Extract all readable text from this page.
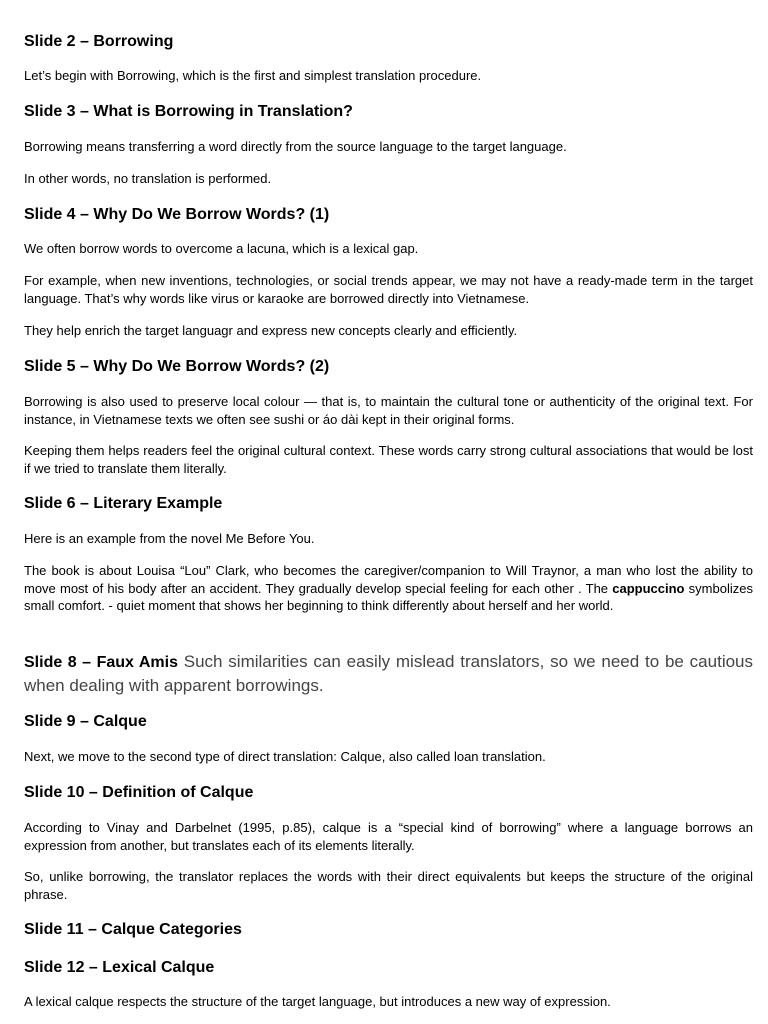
Slide 2 – Borrowing
Let’s begin with Borrowing, which is the first and simplest translation procedure.
Slide 3 – What is Borrowing in Translation?
Borrowing means transferring a word directly from the source language to the target language.
In other words, no translation is performed.
Slide 4 – Why Do We Borrow Words? (1)
We often borrow words to overcome a lacuna, which is a lexical gap.
For example, when new inventions, technologies, or social trends appear, we may not have a ready-made term in the target language. That’s why words like virus or karaoke are borrowed directly into Vietnamese.
They help enrich the target languagr and express new concepts clearly and efficiently.
Slide 5 – Why Do We Borrow Words? (2)
Borrowing is also used to preserve local colour — that is, to maintain the cultural tone or authenticity of the original text. For instance, in Vietnamese texts we often see sushi or áo dài kept in their original forms.
Keeping them helps readers feel the original cultural context. These words carry strong cultural associations that would be lost if we tried to translate them literally.
Slide 6 – Literary Example
Here is an example from the novel Me Before You.
The book is about Louisa “Lou” Clark, who becomes the caregiver/companion to Will Traynor, a man who lost the ability to move most of his body after an accident. They gradually develop special feeling for each other . The cappuccino symbolizes small comfort. - quiet moment that shows her beginning to think differently about herself and her world.
Slide 8 – Faux Amis Such similarities can easily mislead translators, so we need to be cautious when dealing with apparent borrowings.
Slide 9 – Calque
Next, we move to the second type of direct translation: Calque, also called loan translation.
Slide 10 – Definition of Calque
According to Vinay and Darbelnet (1995, p.85), calque is a “special kind of borrowing” where a language borrows an expression from another, but translates each of its elements literally.
So, unlike borrowing, the translator replaces the words with their direct equivalents but keeps the structure of the original phrase.
Slide 11 – Calque Categories
Slide 12 – Lexical Calque
A lexical calque respects the structure of the target language, but introduces a new way of expression.
